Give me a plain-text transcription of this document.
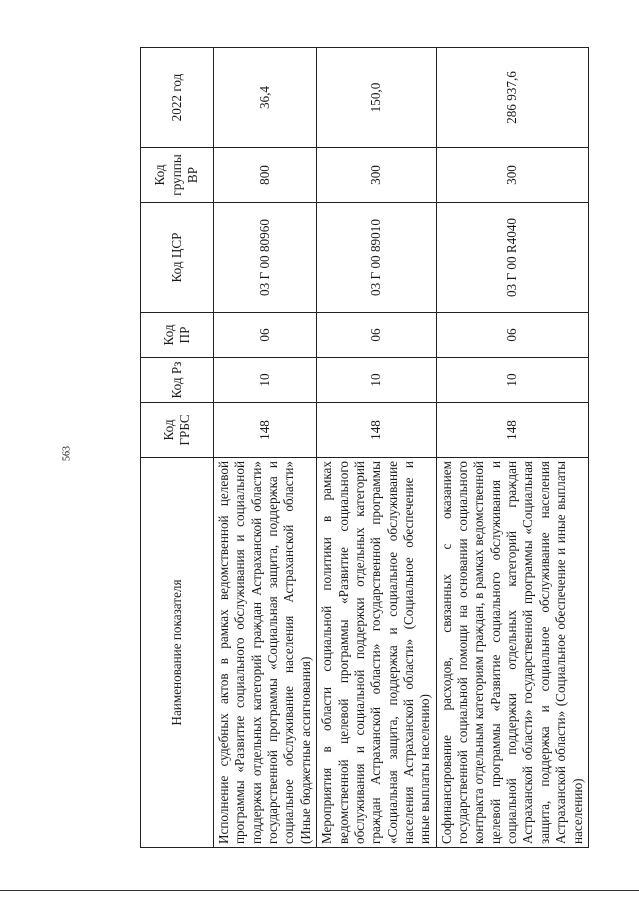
563
Наименование показателя	Код ГРБС	Код Рз	Код ПР	Код ЦСР	Код группы ВР	2022 год
Исполнение судебных актов в рамках ведомственной целевой программы «Развитие социального обслуживания и социальной поддержки отдельных категорий граждан Астраханской области» государственной программы «Социальная защита, поддержка и социальное обслуживание населения Астраханской области» (Иные бюджетные ассигнования)	148	10	06	03 Г 00 80960	800	36,4
Мероприятия в области социальной политики в рамках ведомственной целевой программы «Развитие социального обслуживания и социальной поддержки отдельных категорий граждан Астраханской области» государственной программы «Социальная защита, поддержка и социальное обслуживание населения Астраханской области» (Социальное обеспечение и иные выплаты населению)	148	10	06	03 Г 00 89010	300	150,0
Софинансирование расходов, связанных с оказанием государственной социальной помощи на основании социального контракта отдельным категориям граждан, в рамках ведомственной целевой программы «Развитие социального обслуживания и социальной поддержки отдельных категорий граждан Астраханской области» государственной программы «Социальная защита, поддержка и социальное обслуживание населения Астраханской области» (Социальное обеспечение и иные выплаты населению)	148	10	06	03 Г 00 R4040	300	286 937,6
